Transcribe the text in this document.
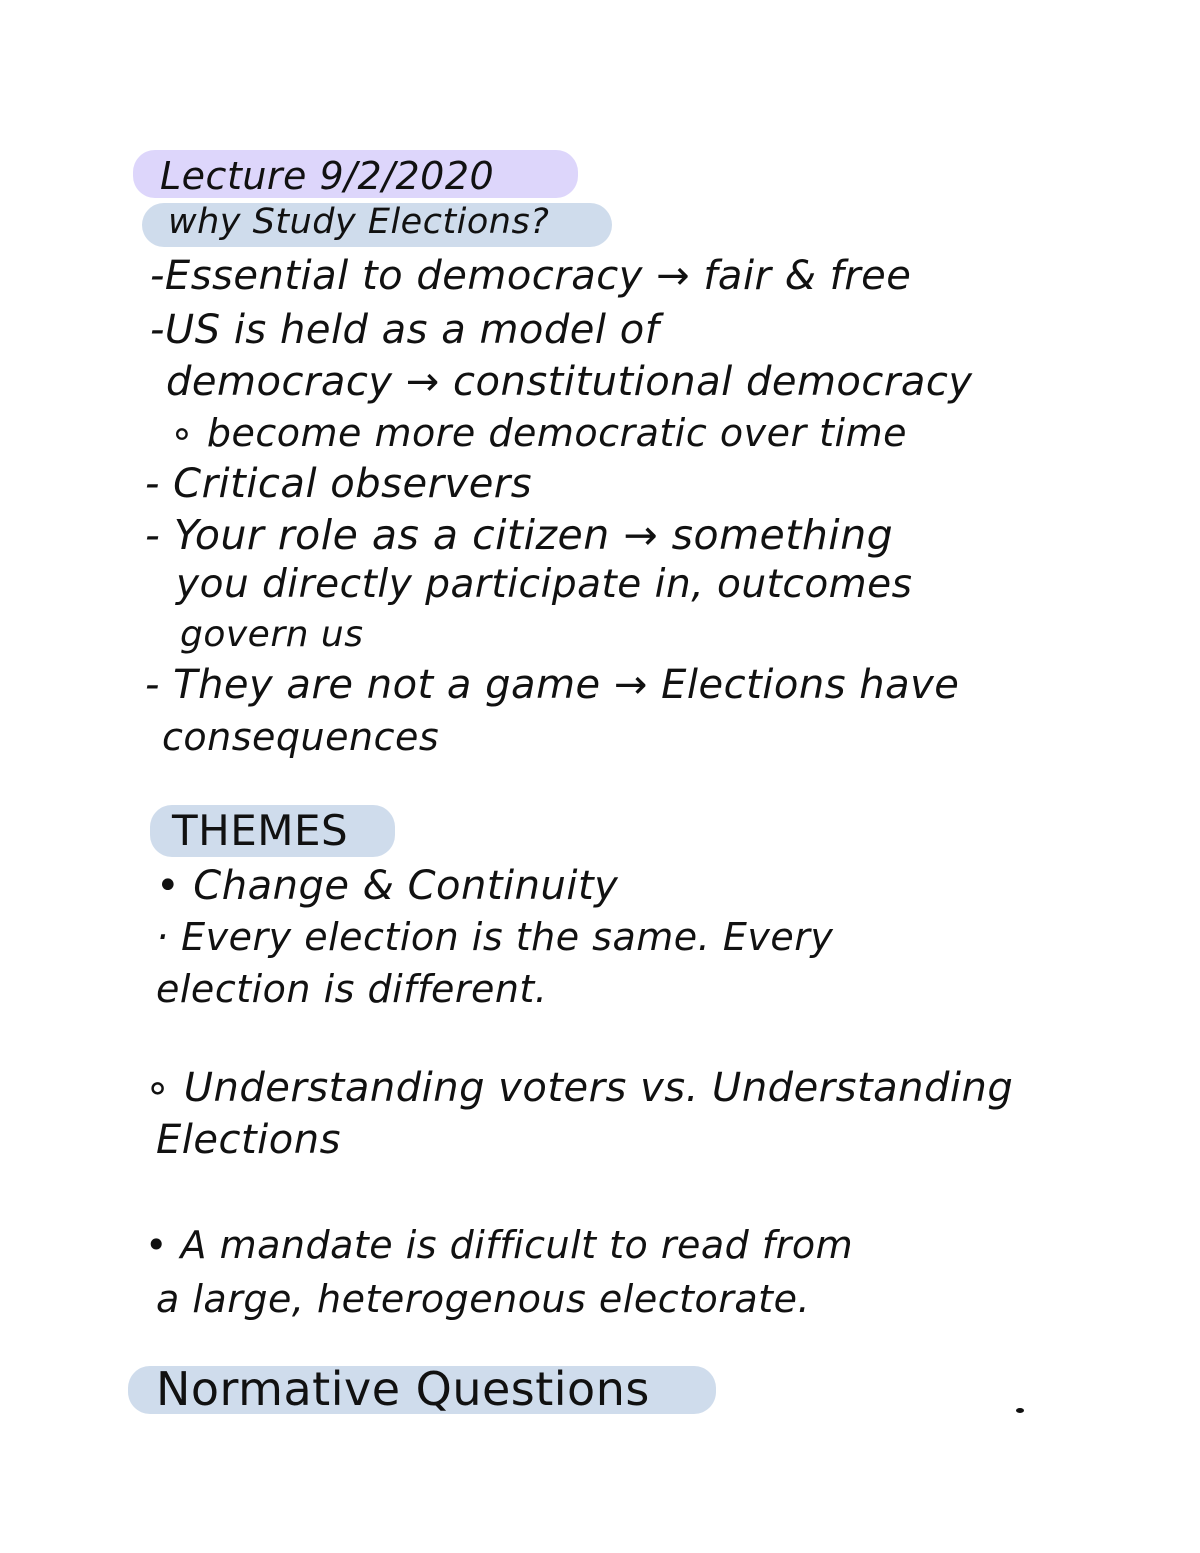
Lecture 9/2/2020
why Study Elections?
-Essential to democracy → fair & free
-US is held as a model of
democracy → constitutional democracy
∘ become more democratic over time
- Critical observers
- Your role as a citizen → something
you directly participate in, outcomes
govern us
- They are not a game → Elections have
consequences
THEMES
• Change & Continuity
· Every election is the same. Every
election is different.
∘ Understanding voters vs. Understanding
Elections
• A mandate is difficult to read from
a large, heterogenous electorate.
Normative Questions
